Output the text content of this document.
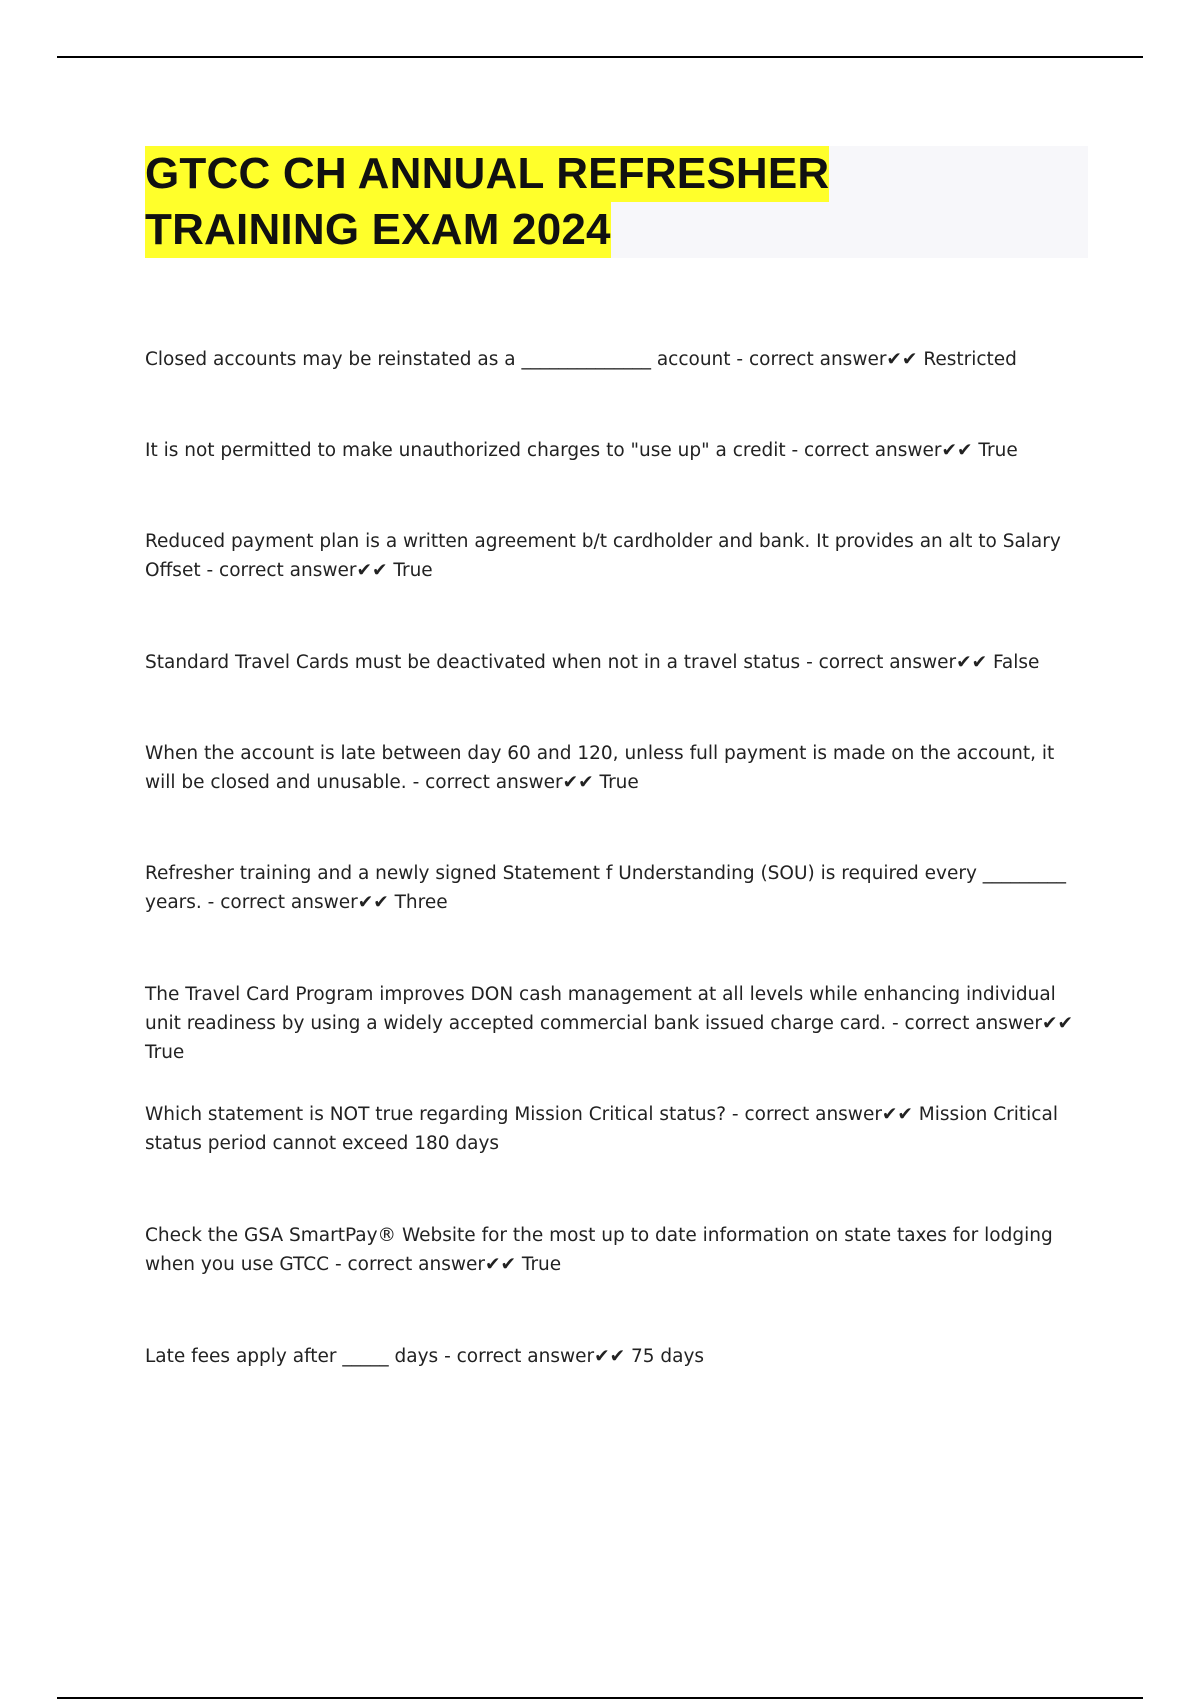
GTCC CH ANNUAL REFRESHER
TRAINING EXAM 2024
Closed accounts may be reinstated as a ______________ account - correct answer✔✔ Restricted
It is not permitted to make unauthorized charges to "use up" a credit - correct answer✔✔ True
Reduced payment plan is a written agreement b/t cardholder and bank. It provides an alt to Salary Offset - correct answer✔✔ True
Standard Travel Cards must be deactivated when not in a travel status - correct answer✔✔ False
When the account is late between day 60 and 120, unless full payment is made on the account, it will be closed and unusable. - correct answer✔✔ True
Refresher training and a newly signed Statement f Understanding (SOU) is required every _________ years. - correct answer✔✔ Three
The Travel Card Program improves DON cash management at all levels while enhancing individual unit readiness by using a widely accepted commercial bank issued charge card. - correct answer✔✔ True
Which statement is NOT true regarding Mission Critical status? - correct answer✔✔ Mission Critical status period cannot exceed 180 days
Check the GSA SmartPay® Website for the most up to date information on state taxes for lodging when you use GTCC - correct answer✔✔ True
Late fees apply after _____ days - correct answer✔✔ 75 days
